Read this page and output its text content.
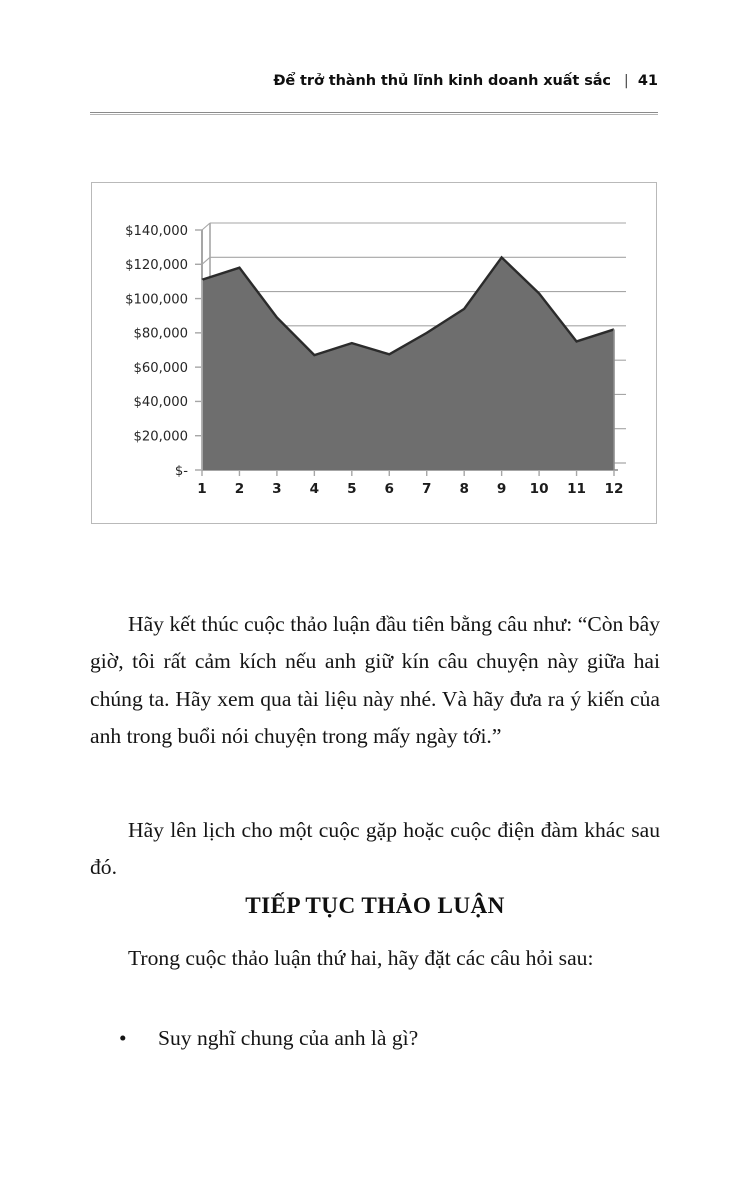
Để trở thành thủ lĩnh kinh doanh xuất sắc | 41
$-
$20,000
$40,000
$60,000
$80,000
$100,000
$120,000
$140,000
1 2 3 4 5 6 7 8 9 10 11 12

Hãy kết thúc cuộc thảo luận đầu tiên bằng câu như: “Còn bây giờ, tôi rất cảm kích nếu anh giữ kín câu chuyện này giữa hai chúng ta. Hãy xem qua tài liệu này nhé. Và hãy đưa ra ý kiến của anh trong buổi nói chuyện trong mấy ngày tới.”

Hãy lên lịch cho một cuộc gặp hoặc cuộc điện đàm khác sau đó.

TIẾP TỤC THẢO LUẬN

Trong cuộc thảo luận thứ hai, hãy đặt các câu hỏi sau:

• Suy nghĩ chung của anh là gì?
